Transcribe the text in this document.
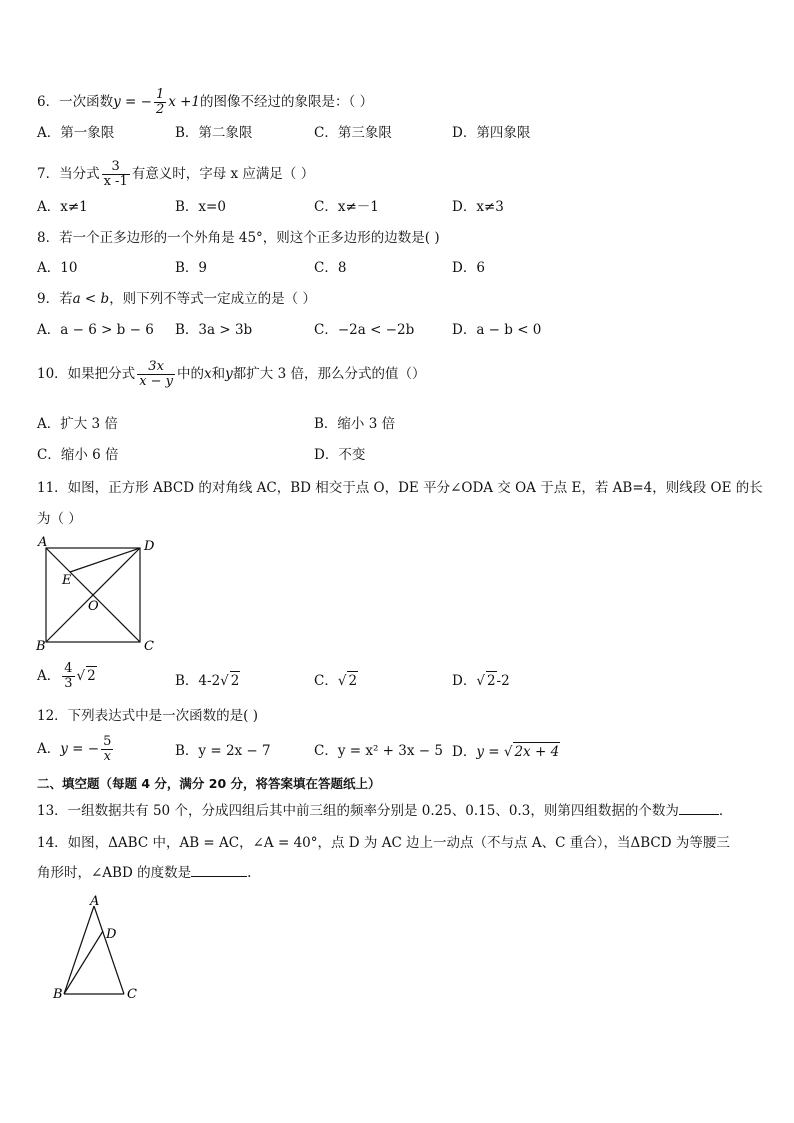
6．一次函数y = − $\frac{1}{2}$ x +1的图像不经过的象限是：（ ）
A．第一象限	B．第二象限	C．第三象限	D．第四象限
7．当分式 $\frac{3}{x -1}$ 有意义时，字母 x 应满足（ ）
A．x≠1	B．x=0	C．x≠－1	D．x≠3
8．若一个正多边形的一个外角是 45°，则这个正多边形的边数是( )
A．10	B．9	C．8	D．6
9．若a < b，则下列不等式一定成立的是（ ）
A．a − 6 > b − 6 B．3a > 3b	C．−2a < −2b	D．a − b < 0
10．如果把分式 $\frac{3x}{x - y}$ 中的x和y都扩大 3 倍，那么分式的值（）
A．扩大 3 倍	B．缩小 3 倍
C．缩小 6 倍	D．不变
11．如图，正方形 ABCD 的对角线 AC，BD 相交于点 O，DE 平分∠ODA 交 OA 于点 E，若 AB=4，则线段 OE 的长
为（ ）
A	D
E
O
B	C
A． $\frac{4}{3}$ √ 2	B．4-2√ 2	C．√ 2	D．√ 2-2
12．下列表达式中是一次函数的是( )
A．y = − $\frac{5}{x}$	B．y = 2x − 7	C．y = x² + 3x − 5 D．y = √ 2x + 4
二、填空题（每题 4 分，满分 20 分，将答案填在答题纸上）
13．一组数据共有 50 个，分成四组后其中前三组的频率分别是 0.25、0.15、0.3，则第四组数据的个数为	．
14．如图，ΔABC 中，AB = AC，∠A = 40°，点 D 为 AC 边上一动点（不与点 A、C 重合），当ΔBCD 为等腰三
角形时，∠ABD 的度数是	.
A
D
B	C
